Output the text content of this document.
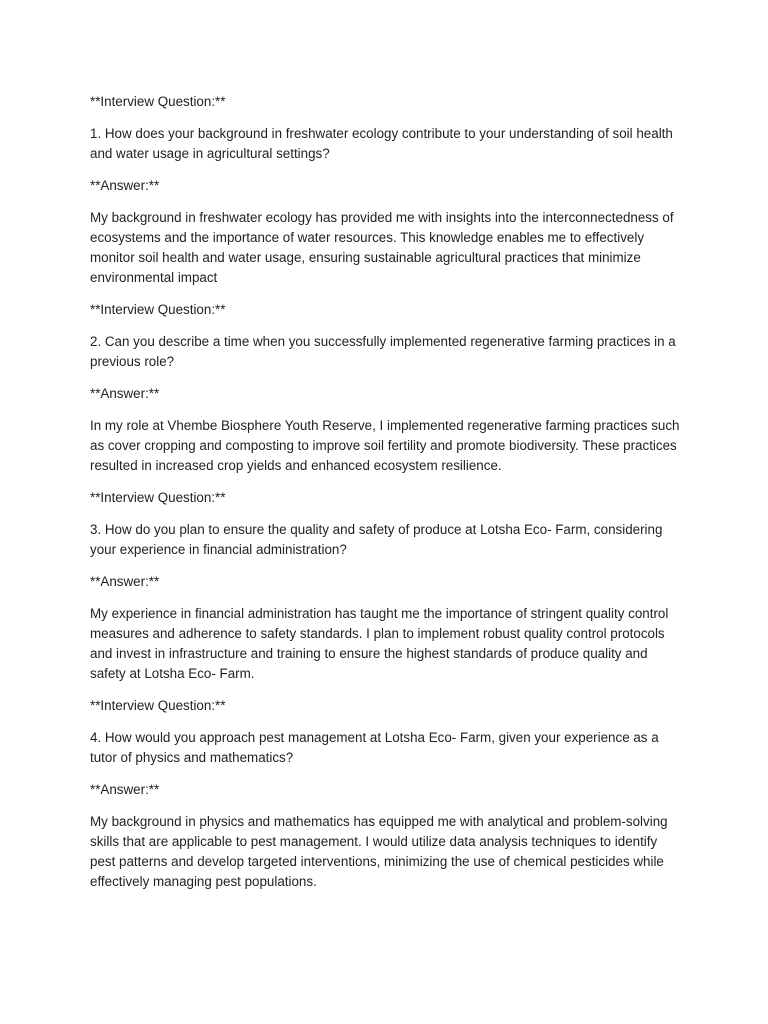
**Interview Question:**

1. How does your background in freshwater ecology contribute to your understanding of soil health and water usage in agricultural settings?

**Answer:**

My background in freshwater ecology has provided me with insights into the interconnectedness of ecosystems and the importance of water resources. This knowledge enables me to effectively monitor soil health and water usage, ensuring sustainable agricultural practices that minimize environmental impact

**Interview Question:**

2. Can you describe a time when you successfully implemented regenerative farming practices in a previous role?

**Answer:**

In my role at Vhembe Biosphere Youth Reserve, I implemented regenerative farming practices such as cover cropping and composting to improve soil fertility and promote biodiversity. These practices resulted in increased crop yields and enhanced ecosystem resilience.

**Interview Question:**

3. How do you plan to ensure the quality and safety of produce at Lotsha Eco- Farm, considering your experience in financial administration?

**Answer:**

My experience in financial administration has taught me the importance of stringent quality control measures and adherence to safety standards. I plan to implement robust quality control protocols and invest in infrastructure and training to ensure the highest standards of produce quality and safety at Lotsha Eco- Farm.

**Interview Question:**

4. How would you approach pest management at Lotsha Eco- Farm, given your experience as a tutor of physics and mathematics?

**Answer:**

My background in physics and mathematics has equipped me with analytical and problem-solving skills that are applicable to pest management. I would utilize data analysis techniques to identify pest patterns and develop targeted interventions, minimizing the use of chemical pesticides while effectively managing pest populations.
